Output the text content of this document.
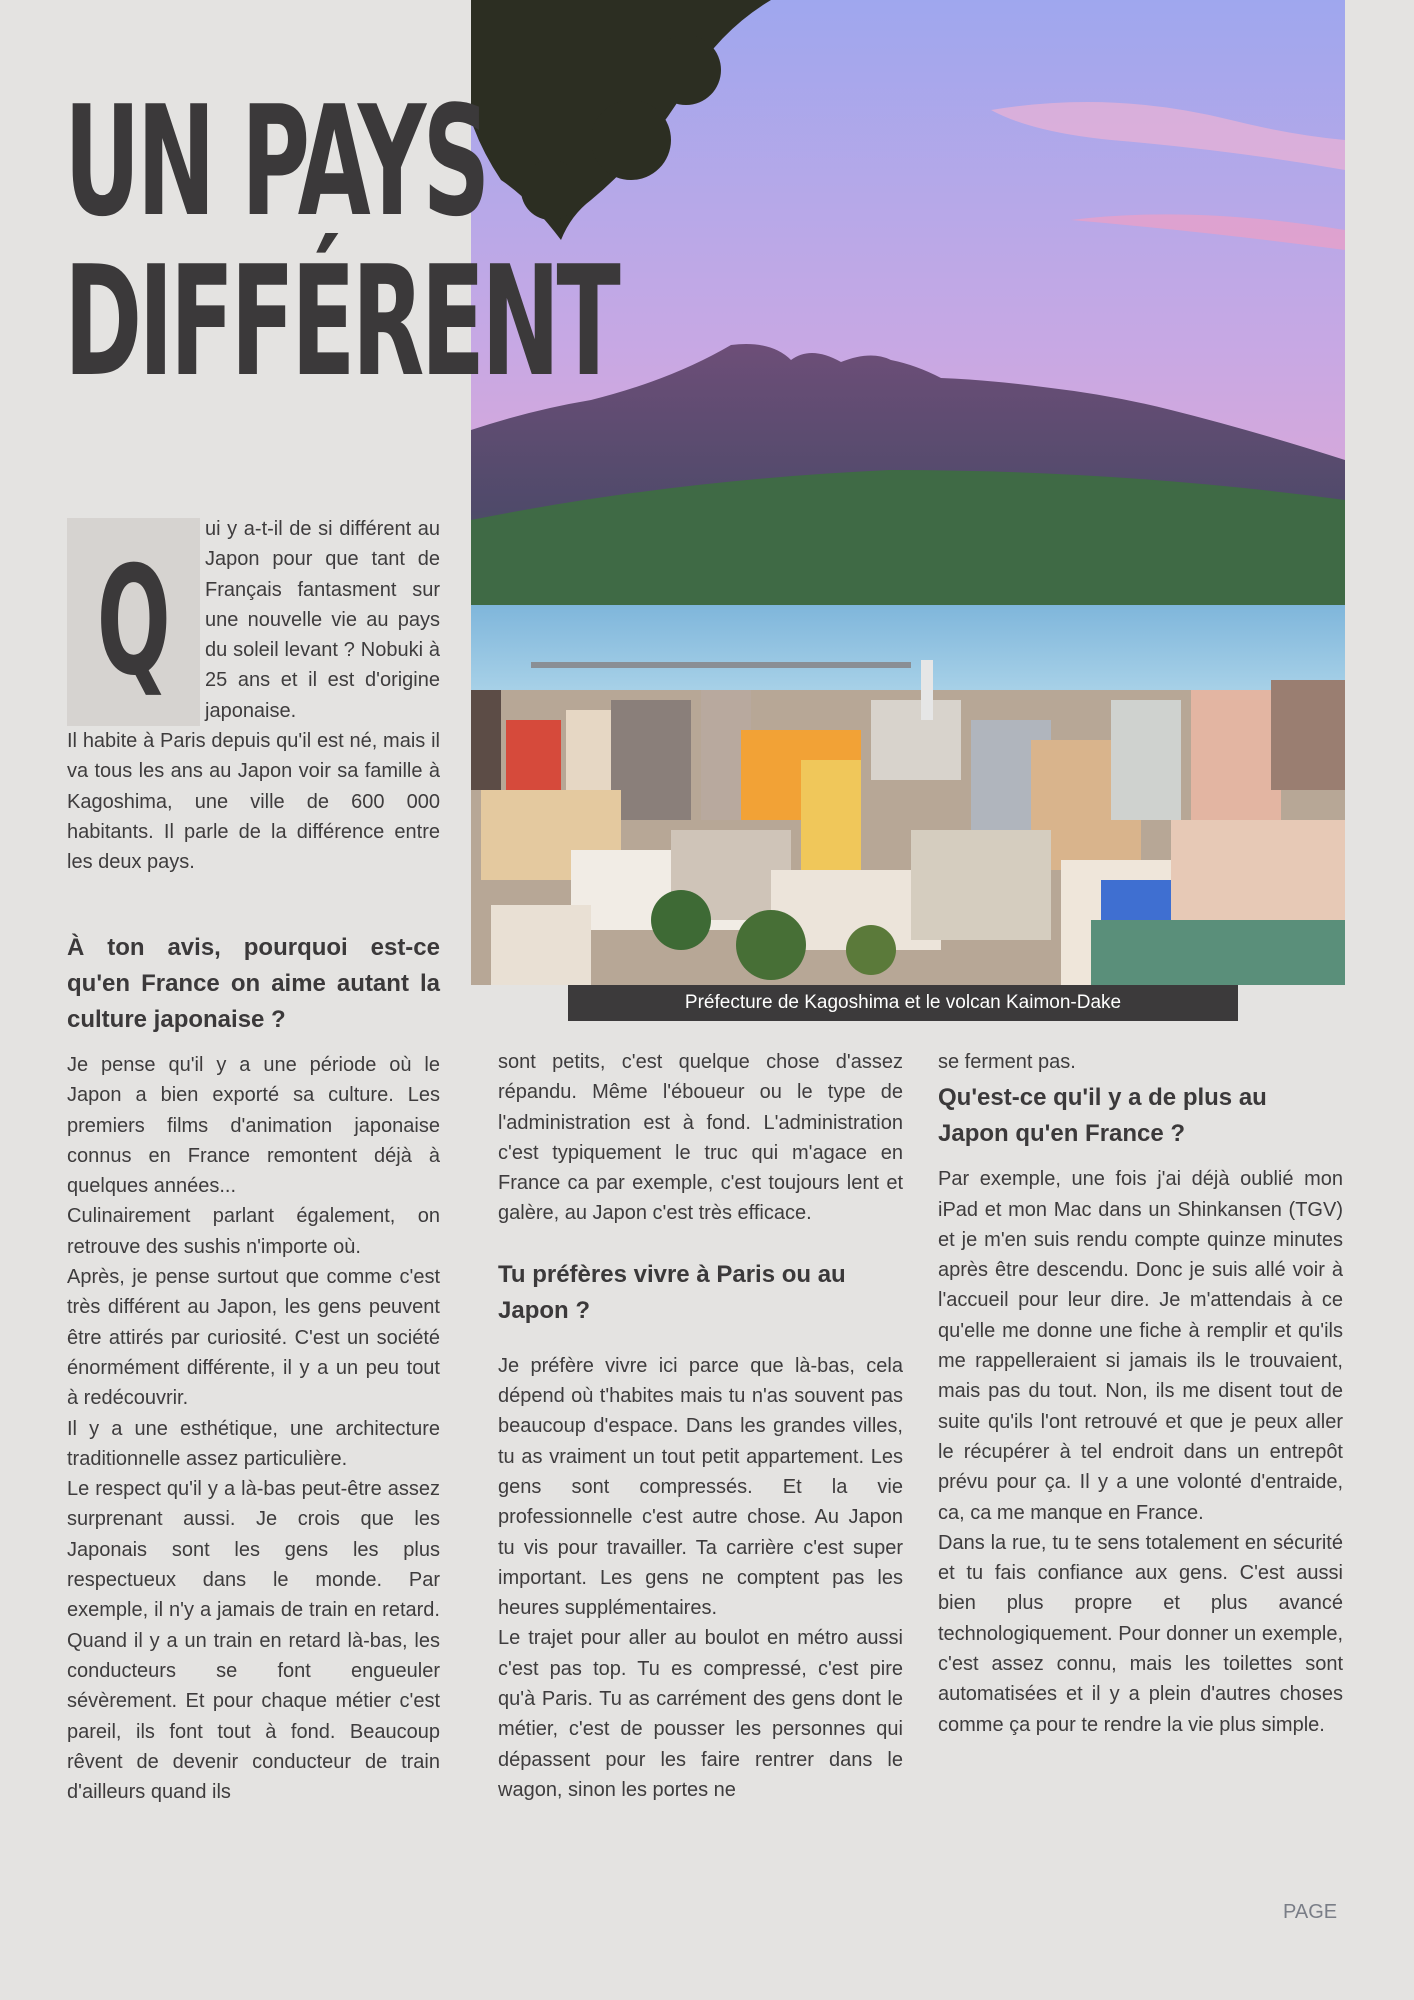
UN PAYS
DIFFÉRENT
Préfecture de Kagoshima et le volcan Kaimon-Dake
Q

ui y a-t-il de si différent au Japon pour que tant de Français fantasment sur une nouvelle vie au pays du soleil levant ? Nobuki à 25 ans et il est d'origine japonaise.

Il habite à Paris depuis qu'il est né, mais il va tous les ans au Japon voir sa famille à Kagoshima, une ville de 600 000 habitants. Il parle de la différence entre les deux pays.

À ton avis, pourquoi est-ce qu'en France on aime autant la culture japonaise ?

Je pense qu'il y a une période où le Japon a bien exporté sa culture. Les premiers films d'animation japonaise connus en France remontent déjà à quelques années...

Culinairement parlant également, on retrouve des sushis n'importe où.

Après, je pense surtout que comme c'est très différent au Japon, les gens peuvent être attirés par curiosité. C'est un société énormément différente, il y a un peu tout à redécouvrir.

Il y a une esthétique, une architecture traditionnelle assez particulière.

Le respect qu'il y a là-bas peut-être assez surprenant aussi. Je crois que les Japonais sont les gens les plus respectueux dans le monde. Par exemple, il n'y a jamais de train en retard. Quand il y a un train en retard là-bas, les conducteurs se font engueuler sévèrement. Et pour chaque métier c'est pareil, ils font tout à fond. Beaucoup rêvent de devenir conducteur de train d'ailleurs quand ils

sont petits, c'est quelque chose d'assez répandu. Même l'éboueur ou le type de l'administration est à fond. L'administration c'est typiquement le truc qui m'agace en France ca par exemple, c'est toujours lent et galère, au Japon c'est très efficace.

Tu préfères vivre à Paris ou au Japon ?

Je préfère vivre ici parce que là-bas, cela dépend où t'habites mais tu n'as souvent pas beaucoup d'espace. Dans les grandes villes, tu as vraiment un tout petit appartement. Les gens sont compressés. Et la vie professionnelle c'est autre chose. Au Japon tu vis pour travailler. Ta carrière c'est super important. Les gens ne comptent pas les heures supplémentaires.

Le trajet pour aller au boulot en métro aussi c'est pas top. Tu es compressé, c'est pire qu'à Paris. Tu as carrément des gens dont le métier, c'est de pousser les personnes qui dépassent pour les faire rentrer dans le wagon, sinon les portes ne

se ferment pas.

Qu'est-ce qu'il y a de plus au Japon qu'en France ?

Par exemple, une fois j'ai déjà oublié mon iPad et mon Mac dans un Shinkansen (TGV) et je m'en suis rendu compte quinze minutes après être descendu. Donc je suis allé voir à l'accueil pour leur dire. Je m'attendais à ce qu'elle me donne une fiche à remplir et qu'ils me rappelleraient si jamais ils le trouvaient, mais pas du tout. Non, ils me disent tout de suite qu'ils l'ont retrouvé et que je peux aller le récupérer à tel endroit dans un entrepôt prévu pour ça. Il y a une volonté d'entraide, ca, ca me manque en France.

Dans la rue, tu te sens totalement en sécurité et tu fais confiance aux gens. C'est aussi bien plus propre et plus avancé technologiquement. Pour donner un exemple, c'est assez connu, mais les toilettes sont automatisées et il y a plein d'autres choses comme ça pour te rendre la vie plus simple.

PAGE
